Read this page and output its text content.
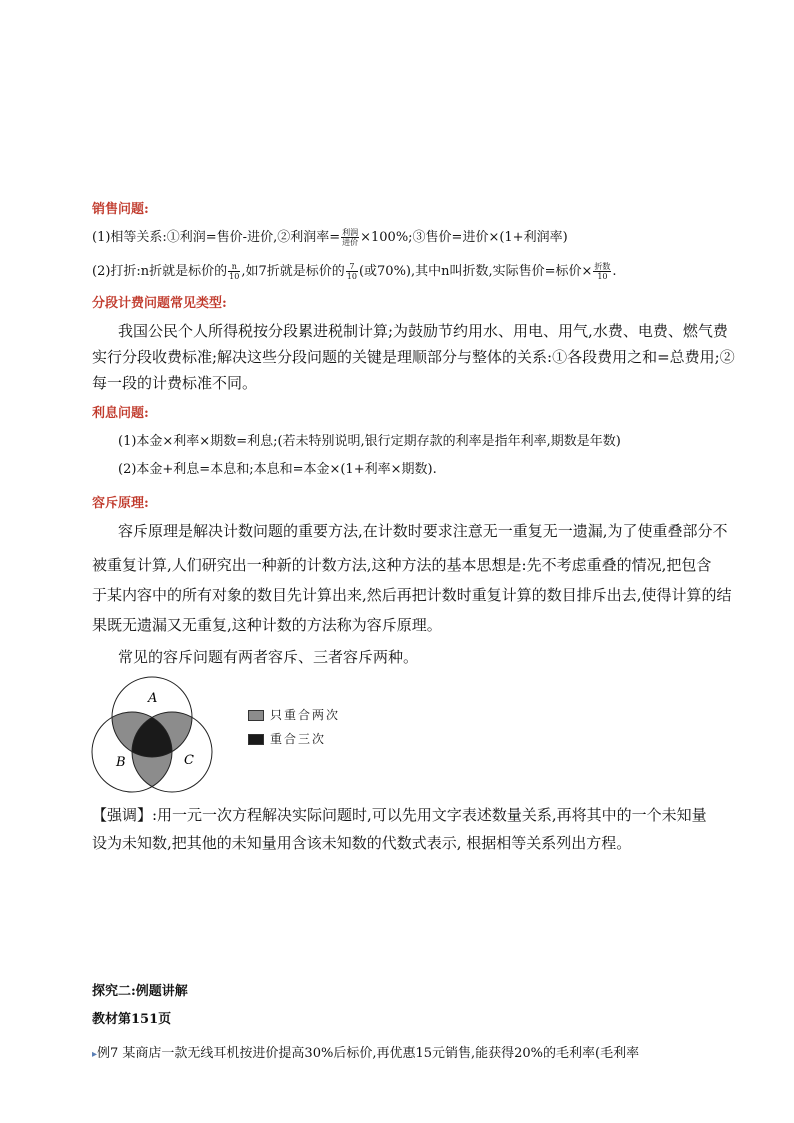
销售问题:
(1)相等关系:①利润=售价-进价,②利润率= $\frac{\text{利润}}{\text{进价}}$ ×100%;③售价=进价×(1+利润率)
(2)打折:n折就是标价的 $\frac{n}{10}$ ,如7折就是标价的 $\frac{7}{10}$ (或70%),其中n叫折数,实际售价=标价× $\frac{\text{折数}}{10}$ .
分段计费问题常见类型:
我国公民个人所得税按分段累进税制计算;为鼓励节约用水、用电、用气,水费、电费、燃气费
实行分段收费标准;解决这些分段问题的关键是理顺部分与整体的关系:①各段费用之和=总费用;②
每一段的计费标准不同。
利息问题:
(1)本金×利率×期数=利息;(若未特别说明,银行定期存款的利率是指年利率,期数是年数)
(2)本金+利息=本息和;本息和=本金×(1+利率×期数).
容斥原理:
容斥原理是解决计数问题的重要方法,在计数时要求注意无一重复无一遗漏,为了使重叠部分不
被重复计算,人们研究出一种新的计数方法,这种方法的基本思想是:先不考虑重叠的情况,把包含
于某内容中的所有对象的数目先计算出来,然后再把计数时重复计算的数目排斥出去,使得计算的结
果既无遗漏又无重复,这种计数的方法称为容斥原理。
常见的容斥问题有两者容斥、三者容斥两种。
A
B	C
只重合两次
重合三次
【强调】:用一元一次方程解决实际问题时,可以先用文字表述数量关系,再将其中的一个未知量
设为未知数,把其他的未知量用含该未知数的代数式表示, 根据相等关系列出方程。
探究二:例题讲解
教材第151页
▸例7 某商店一款无线耳机按进价提高30%后标价,再优惠15元销售,能获得20%的毛利率(毛利率
